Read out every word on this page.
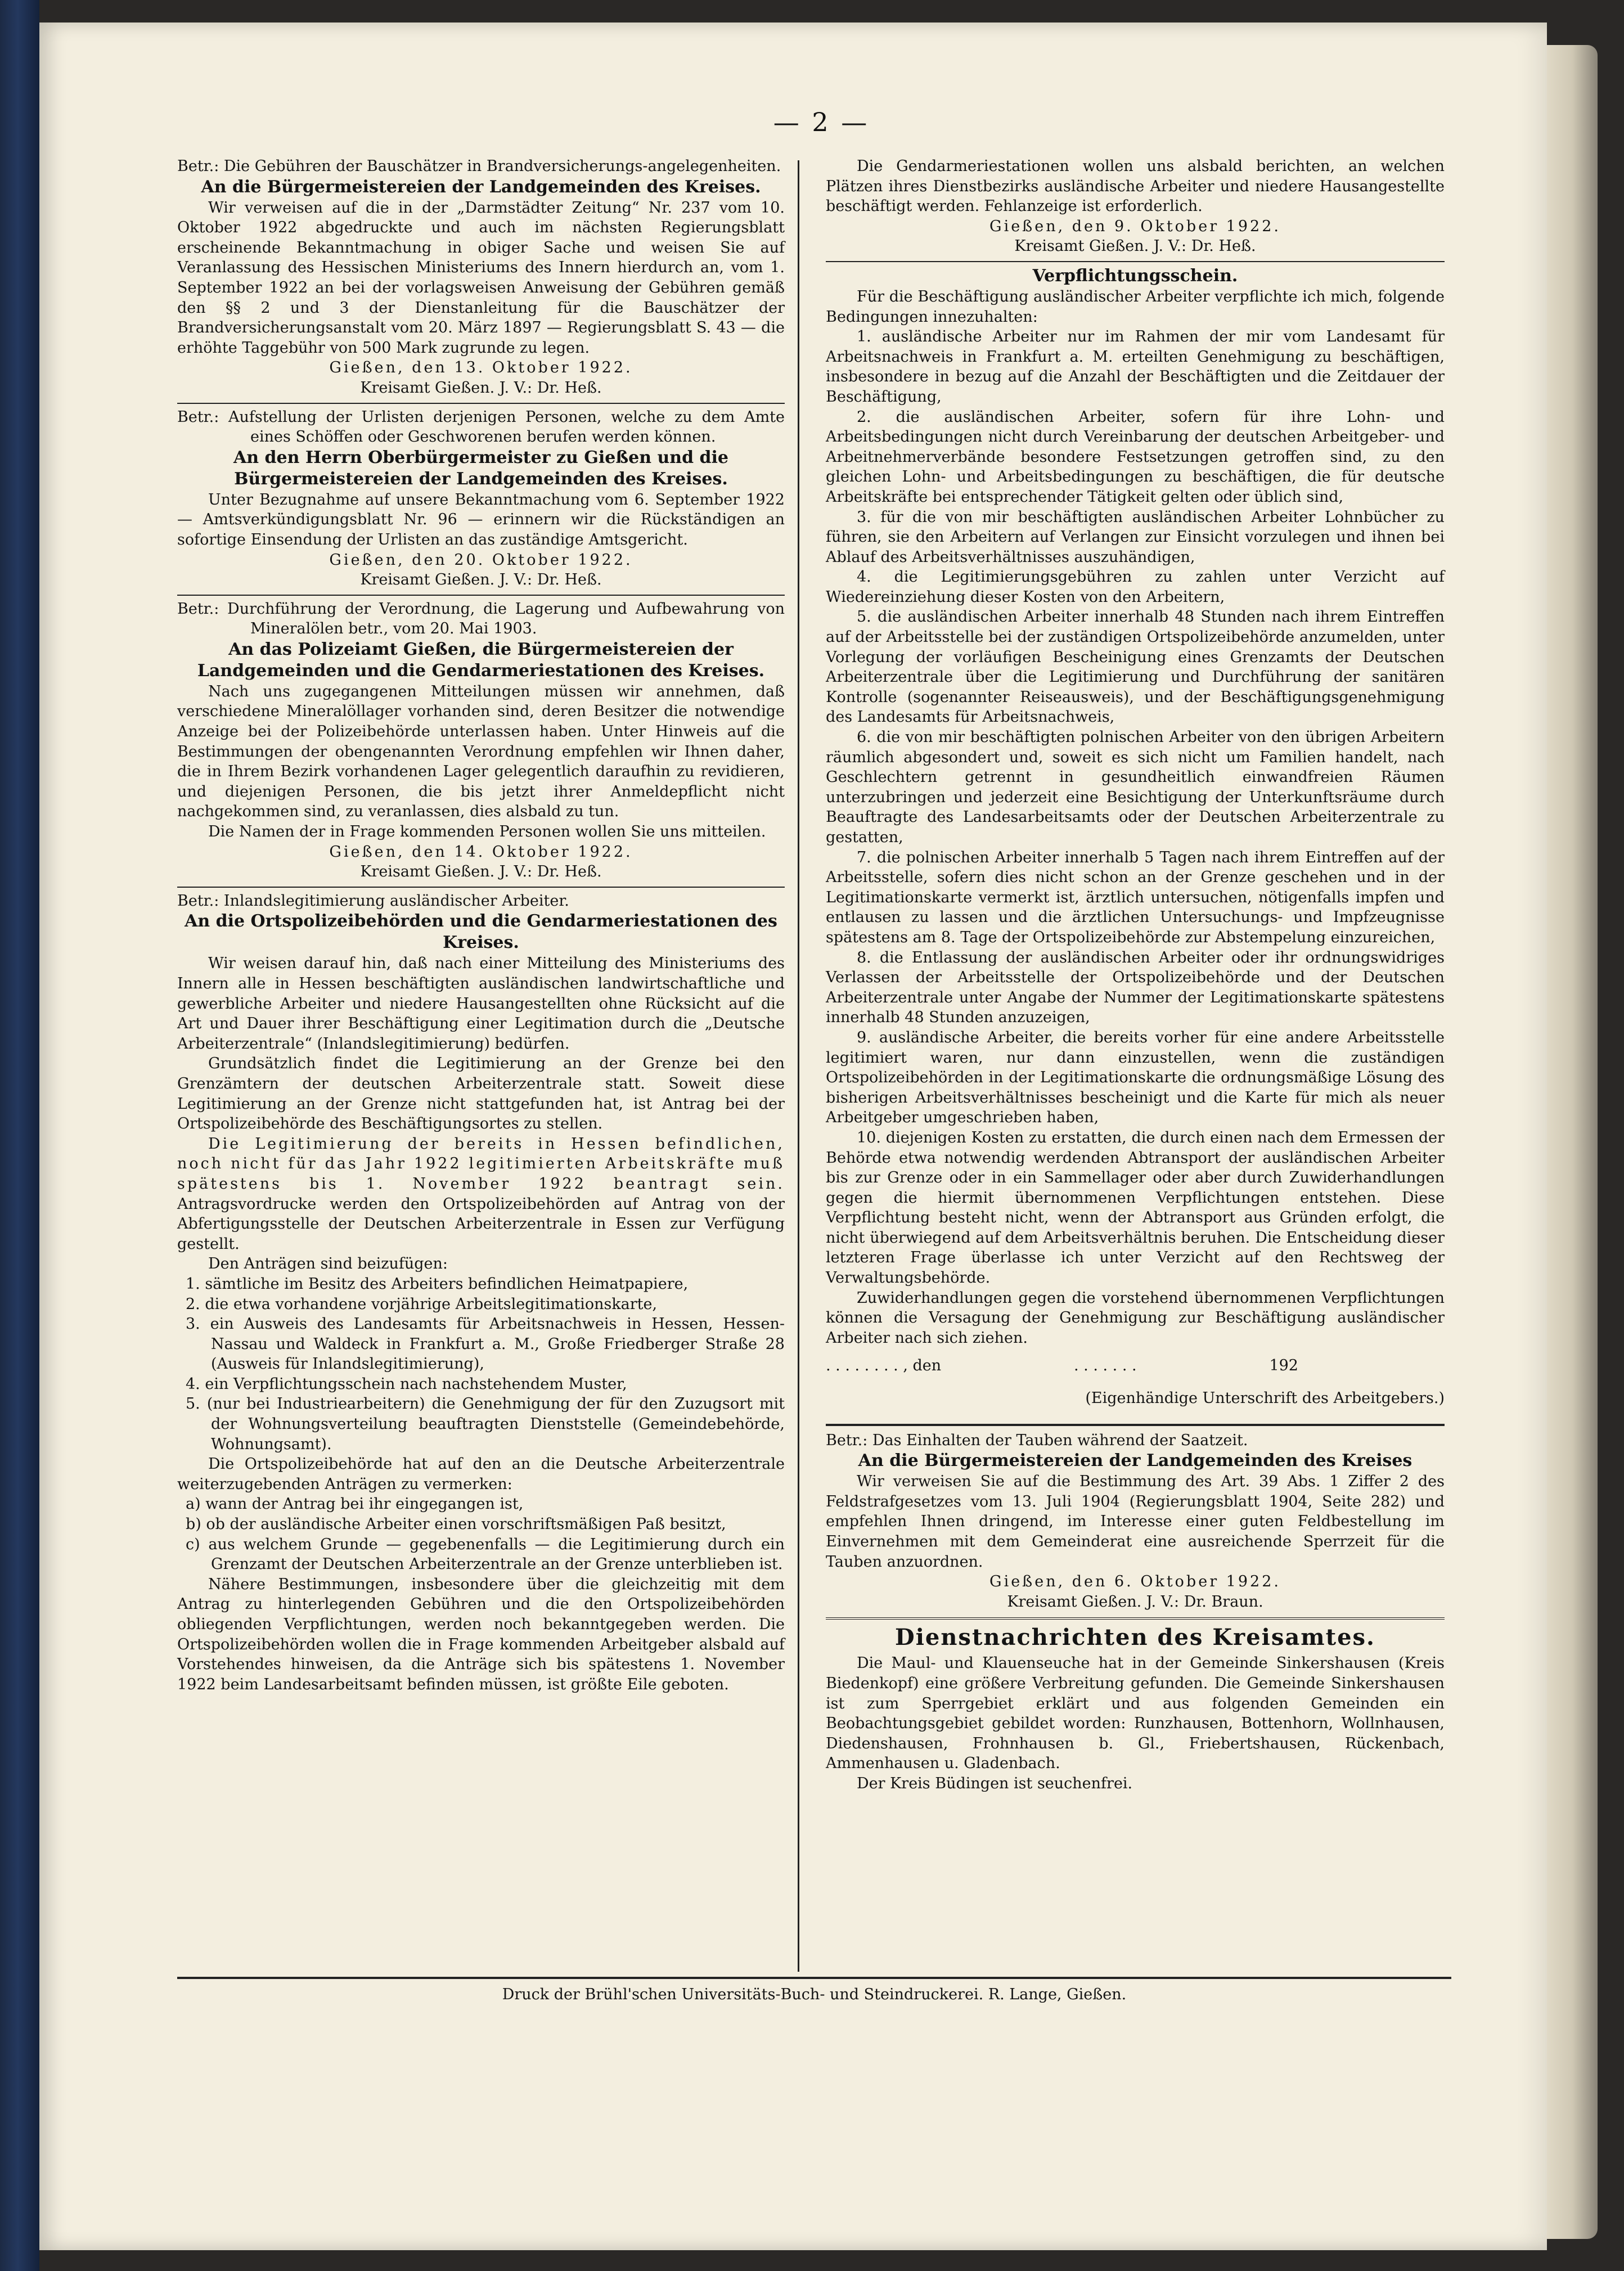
— 2 —

Betr.: Die Gebühren der Bauschätzer in Brandversicherungs-angelegenheiten.

An die Bürgermeistereien der Landgemeinden des Kreises.

Wir verweisen auf die in der „Darmstädter Zeitung“ Nr. 237 vom 10. Oktober 1922 abgedruckte und auch im nächsten Regierungsblatt erscheinende Bekanntmachung in obiger Sache und weisen Sie auf Veranlassung des Hessischen Ministeriums des Innern hierdurch an, vom 1. September 1922 an bei der vorlagsweisen Anweisung der Gebühren gemäß den §§ 2 und 3 der Dienstanleitung für die Bauschätzer der Brandversicherungsanstalt vom 20. März 1897 — Regierungsblatt S. 43 — die erhöhte Taggebühr von 500 Mark zugrunde zu legen.

Gießen, den 13. Oktober 1922.

Kreisamt Gießen. J. V.: Dr. Heß.

Betr.: Aufstellung der Urlisten derjenigen Personen, welche zu dem Amte eines Schöffen oder Geschworenen berufen werden können.

An den Herrn Oberbürgermeister zu Gießen und die Bürgermeistereien der Landgemeinden des Kreises.

Unter Bezugnahme auf unsere Bekanntmachung vom 6. September 1922 — Amtsverkündigungsblatt Nr. 96 — erinnern wir die Rückständigen an sofortige Einsendung der Urlisten an das zuständige Amtsgericht.

Gießen, den 20. Oktober 1922.

Kreisamt Gießen. J. V.: Dr. Heß.

Betr.: Durchführung der Verordnung, die Lagerung und Aufbewahrung von Mineralölen betr., vom 20. Mai 1903.

An das Polizeiamt Gießen, die Bürgermeistereien der Landgemeinden und die Gendarmeriestationen des Kreises.

Nach uns zugegangenen Mitteilungen müssen wir annehmen, daß verschiedene Mineralöllager vorhanden sind, deren Besitzer die notwendige Anzeige bei der Polizeibehörde unterlassen haben. Unter Hinweis auf die Bestimmungen der obengenannten Verordnung empfehlen wir Ihnen daher, die in Ihrem Bezirk vorhandenen Lager gelegentlich daraufhin zu revidieren, und diejenigen Personen, die bis jetzt ihrer Anmeldepflicht nicht nachgekommen sind, zu veranlassen, dies alsbald zu tun.

Die Namen der in Frage kommenden Personen wollen Sie uns mitteilen.

Gießen, den 14. Oktober 1922.

Kreisamt Gießen. J. V.: Dr. Heß.

Betr.: Inlandslegitimierung ausländischer Arbeiter.

An die Ortspolizeibehörden und die Gendarmeriestationen des Kreises.

Wir weisen darauf hin, daß nach einer Mitteilung des Ministeriums des Innern alle in Hessen beschäftigten ausländischen landwirtschaftliche und gewerbliche Arbeiter und niedere Hausangestellten ohne Rücksicht auf die Art und Dauer ihrer Beschäftigung einer Legitimation durch die „Deutsche Arbeiterzentrale“ (Inlandslegitimierung) bedürfen.

Grundsätzlich findet die Legitimierung an der Grenze bei den Grenzämtern der deutschen Arbeiterzentrale statt. Soweit diese Legitimierung an der Grenze nicht stattgefunden hat, ist Antrag bei der Ortspolizeibehörde des Beschäftigungsortes zu stellen.

Die Legitimierung der bereits in Hessen befindlichen, noch nicht für das Jahr 1922 legitimierten Arbeitskräfte muß spätestens bis 1. November 1922 beantragt sein. Antragsvordrucke werden den Ortspolizeibehörden auf Antrag von der Abfertigungsstelle der Deutschen Arbeiterzentrale in Essen zur Verfügung gestellt.

Den Anträgen sind beizufügen:

1. sämtliche im Besitz des Arbeiters befindlichen Heimatpapiere,

2. die etwa vorhandene vorjährige Arbeitslegitimationskarte,

3. ein Ausweis des Landesamts für Arbeitsnachweis in Hessen, Hessen-Nassau und Waldeck in Frankfurt a. M., Große Friedberger Straße 28 (Ausweis für Inlandslegitimierung),

4. ein Verpflichtungsschein nach nachstehendem Muster,

5. (nur bei Industriearbeitern) die Genehmigung der für den Zuzugsort mit der Wohnungsverteilung beauftragten Dienststelle (Gemeindebehörde, Wohnungsamt).

Die Ortspolizeibehörde hat auf den an die Deutsche Arbeiterzentrale weiterzugebenden Anträgen zu vermerken:

a) wann der Antrag bei ihr eingegangen ist,

b) ob der ausländische Arbeiter einen vorschriftsmäßigen Paß besitzt,

c) aus welchem Grunde — gegebenenfalls — die Legitimierung durch ein Grenzamt der Deutschen Arbeiterzentrale an der Grenze unterblieben ist.

Nähere Bestimmungen, insbesondere über die gleichzeitig mit dem Antrag zu hinterlegenden Gebühren und die den Ortspolizeibehörden obliegenden Verpflichtungen, werden noch bekanntgegeben werden. Die Ortspolizeibehörden wollen die in Frage kommenden Arbeitgeber alsbald auf Vorstehendes hinweisen, da die Anträge sich bis spätestens 1. November 1922 beim Landesarbeitsamt befinden müssen, ist größte Eile geboten.

Die Gendarmeriestationen wollen uns alsbald berichten, an welchen Plätzen ihres Dienstbezirks ausländische Arbeiter und niedere Hausangestellte beschäftigt werden. Fehlanzeige ist erforderlich.

Gießen, den 9. Oktober 1922.

Kreisamt Gießen. J. V.: Dr. Heß.

Verpflichtungsschein.

Für die Beschäftigung ausländischer Arbeiter verpflichte ich mich, folgende Bedingungen innezuhalten:

1. ausländische Arbeiter nur im Rahmen der mir vom Landesamt für Arbeitsnachweis in Frankfurt a. M. erteilten Genehmigung zu beschäftigen, insbesondere in bezug auf die Anzahl der Beschäftigten und die Zeitdauer der Beschäftigung,

2. die ausländischen Arbeiter, sofern für ihre Lohn- und Arbeitsbedingungen nicht durch Vereinbarung der deutschen Arbeitgeber- und Arbeitnehmerverbände besondere Festsetzungen getroffen sind, zu den gleichen Lohn- und Arbeitsbedingungen zu beschäftigen, die für deutsche Arbeitskräfte bei entsprechender Tätigkeit gelten oder üblich sind,

3. für die von mir beschäftigten ausländischen Arbeiter Lohnbücher zu führen, sie den Arbeitern auf Verlangen zur Einsicht vorzulegen und ihnen bei Ablauf des Arbeitsverhältnisses auszuhändigen,

4. die Legitimierungsgebühren zu zahlen unter Verzicht auf Wiedereinziehung dieser Kosten von den Arbeitern,

5. die ausländischen Arbeiter innerhalb 48 Stunden nach ihrem Eintreffen auf der Arbeitsstelle bei der zuständigen Ortspolizeibehörde anzumelden, unter Vorlegung der vorläufigen Bescheinigung eines Grenzamts der Deutschen Arbeiterzentrale über die Legitimierung und Durchführung der sanitären Kontrolle (sogenannter Reiseausweis), und der Beschäftigungsgenehmigung des Landesamts für Arbeitsnachweis,

6. die von mir beschäftigten polnischen Arbeiter von den übrigen Arbeitern räumlich abgesondert und, soweit es sich nicht um Familien handelt, nach Geschlechtern getrennt in gesundheitlich einwandfreien Räumen unterzubringen und jederzeit eine Besichtigung der Unterkunftsräume durch Beauftragte des Landesarbeitsamts oder der Deutschen Arbeiterzentrale zu gestatten,

7. die polnischen Arbeiter innerhalb 5 Tagen nach ihrem Eintreffen auf der Arbeitsstelle, sofern dies nicht schon an der Grenze geschehen und in der Legitimationskarte vermerkt ist, ärztlich untersuchen, nötigenfalls impfen und entlausen zu lassen und die ärztlichen Untersuchungs- und Impfzeugnisse spätestens am 8. Tage der Ortspolizeibehörde zur Abstempelung einzureichen,

8. die Entlassung der ausländischen Arbeiter oder ihr ordnungswidriges Verlassen der Arbeitsstelle der Ortspolizeibehörde und der Deutschen Arbeiterzentrale unter Angabe der Nummer der Legitimationskarte spätestens innerhalb 48 Stunden anzuzeigen,

9. ausländische Arbeiter, die bereits vorher für eine andere Arbeitsstelle legitimiert waren, nur dann einzustellen, wenn die zuständigen Ortspolizeibehörden in der Legitimationskarte die ordnungsmäßige Lösung des bisherigen Arbeitsverhältnisses bescheinigt und die Karte für mich als neuer Arbeitgeber umgeschrieben haben,

10. diejenigen Kosten zu erstatten, die durch einen nach dem Ermessen der Behörde etwa notwendig werdenden Abtransport der ausländischen Arbeiter bis zur Grenze oder in ein Sammellager oder aber durch Zuwiderhandlungen gegen die hiermit übernommenen Verpflichtungen entstehen. Diese Verpflichtung besteht nicht, wenn der Abtransport aus Gründen erfolgt, die nicht überwiegend auf dem Arbeitsverhältnis beruhen. Die Entscheidung dieser letzteren Frage überlasse ich unter Verzicht auf den Rechtsweg der Verwaltungsbehörde.

Zuwiderhandlungen gegen die vorstehend übernommenen Verpflichtungen können die Versagung der Genehmigung zur Beschäftigung ausländischer Arbeiter nach sich ziehen.

. . . . . . . . , den	. . . . . . .	192

(Eigenhändige Unterschrift des Arbeitgebers.)

Betr.: Das Einhalten der Tauben während der Saatzeit.

An die Bürgermeistereien der Landgemeinden des Kreises

Wir verweisen Sie auf die Bestimmung des Art. 39 Abs. 1 Ziffer 2 des Feldstrafgesetzes vom 13. Juli 1904 (Regierungsblatt 1904, Seite 282) und empfehlen Ihnen dringend, im Interesse einer guten Feldbestellung im Einvernehmen mit dem Gemeinderat eine ausreichende Sperrzeit für die Tauben anzuordnen.

Gießen, den 6. Oktober 1922.

Kreisamt Gießen. J. V.: Dr. Braun.

Dienstnachrichten des Kreisamtes.

Die Maul- und Klauenseuche hat in der Gemeinde Sinkershausen (Kreis Biedenkopf) eine größere Verbreitung gefunden. Die Gemeinde Sinkershausen ist zum Sperrgebiet erklärt und aus folgenden Gemeinden ein Beobachtungsgebiet gebildet worden: Runzhausen, Bottenhorn, Wollnhausen, Diedenshausen, Frohnhausen b. Gl., Friebertshausen, Rückenbach, Ammenhausen u. Gladenbach.

Der Kreis Büdingen ist seuchenfrei.

Druck der Brühl'schen Universitäts-Buch- und Steindruckerei. R. Lange, Gießen.
